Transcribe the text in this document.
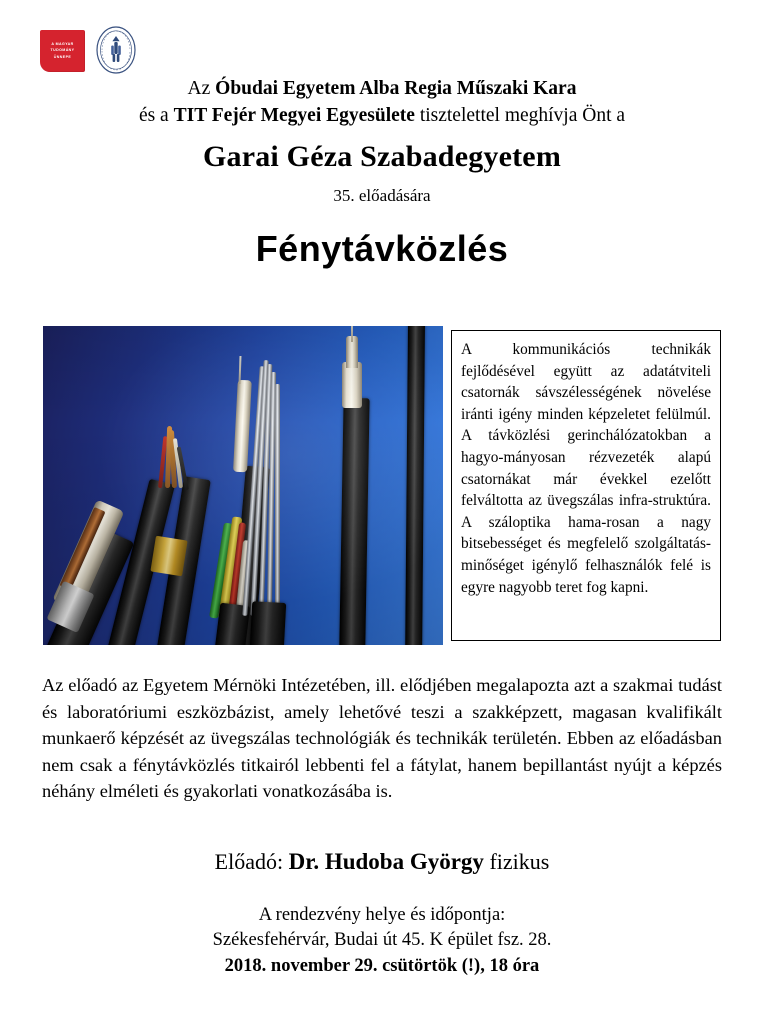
A MAGYAR
TUDOMÁNY
ÜNNEPE
Az Óbudai Egyetem Alba Regia Műszaki Kara
és a TIT Fejér Megyei Egyesülete tisztelettel meghívja Önt a
Garai Géza Szabadegyetem
35. előadására
Fénytávközlés

A kommunikációs technikák fejlődésével együtt az adatátviteli csatornák sávszélességének növelése iránti igény minden képzeletet felülmúl. A távközlési gerinchálózatokban a hagyo-mányosan rézvezeték alapú csatornákat már évekkel ezelőtt felváltotta az üvegszálas infra-struktúra. A száloptika hama-rosan a nagy bitsebességet és megfelelő szolgáltatás-minőséget igénylő felhasználók felé is egyre nagyobb teret fog kapni.

Az előadó az Egyetem Mérnöki Intézetében, ill. elődjében megalapozta azt a szakmai tudást és laboratóriumi eszközbázist, amely lehetővé teszi a szakképzett, magasan kvalifikált munkaerő képzését az üvegszálas technológiák és technikák területén. Ebben az előadásban nem csak a fénytávközlés titkairól lebbenti fel a fátylat, hanem bepillantást nyújt a képzés néhány elméleti és gyakorlati vonatkozásába is.
Előadó: Dr. Hudoba György fizikus
A rendezvény helye és időpontja:
Székesfehérvár, Budai út 45. K épület fsz. 28.
2018. november 29. csütörtök (!), 18 óra
